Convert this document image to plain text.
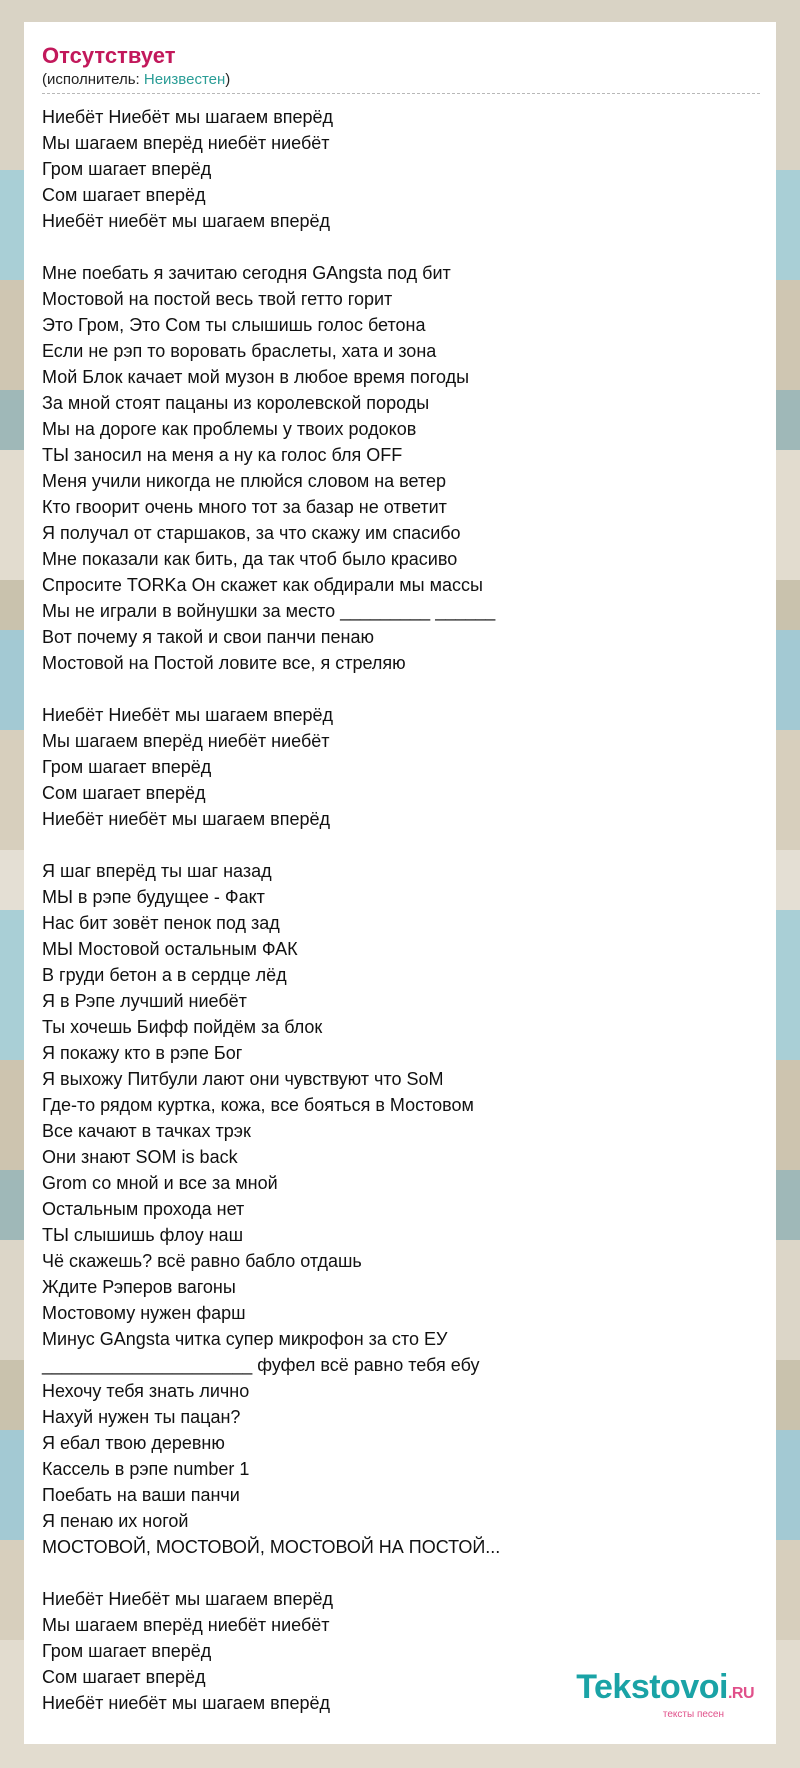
Отсутствует
(исполнитель: Неизвестен)
Ниебёт Ниебёт мы шагаем вперёд
Мы шагаем вперёд ниебёт ниебёт
Гром шагает вперёд
Сом шагает вперёд
Ниебёт ниебёт мы шагаем вперёд
Мне поебать я зачитаю сегодня GAngsta под бит
Мостовой на постой весь твой гетто горит
Это Гром, Это Сом ты слышишь голос бетона
Если не рэп то воровать браслеты, хата и зона
Мой Блок качает мой музон в любое время погоды
За мной стоят пацаны из королевской породы
Мы на дороге как проблемы у твоих родоков
ТЫ заносил на меня а ну ка голос бля OFF
Меня учили никогда не плюйся словом на ветер
Кто гвоорит очень много тот за базар не ответит
Я получал от старшаков, за что скажу им спасибо
Мне показали как бить, да так чтоб было красиво
Спросите TORKa Он скажет как обдирали мы массы
Мы не играли в войнушки за место _________ ______
Вот почему я такой и свои панчи пенаю
Мостовой на Постой ловите все, я стреляю
Ниебёт Ниебёт мы шагаем вперёд
Мы шагаем вперёд ниебёт ниебёт
Гром шагает вперёд
Сом шагает вперёд
Ниебёт ниебёт мы шагаем вперёд
Я шаг вперёд ты шаг назад
МЫ в рэпе будущее - Факт
Нас бит зовёт пенок под зад
МЫ Мостовой остальным ФАК
В груди бетон а в сердце лёд
Я в Рэпе лучший ниебёт
Ты хочешь Бифф пойдём за блок
Я покажу кто в рэпе Бог
Я выхожу Питбули лают они чувствуют что SoM
Где-то рядом куртка, кожа, все бояться в Мостовом
Все качают в тачках трэк
Они знают SOM is back
Grom со мной и все за мной
Остальным прохода нет
ТЫ слышишь флоу наш
Чё скажешь? всё равно бабло отдашь
Ждите Рэперов вагоны
Мостовому нужен фарш
Минус GAngsta читка супер микрофон за сто ЕУ
_____________________ фуфел всё равно тебя ебу
Нехочу тебя знать лично
Нахуй нужен ты пацан?
Я ебал твою деревню
Кассель в рэпе number 1
Поебать на ваши панчи
Я пенаю их ногой
МОСТОВОЙ, МОСТОВОЙ, МОСТОВОЙ НА ПОСТОЙ...
Ниебёт Ниебёт мы шагаем вперёд
Мы шагаем вперёд ниебёт ниебёт
Гром шагает вперёд
Сом шагает вперёд
Ниебёт ниебёт мы шагаем вперёд	Tekstovoi.RU
тексты песен
